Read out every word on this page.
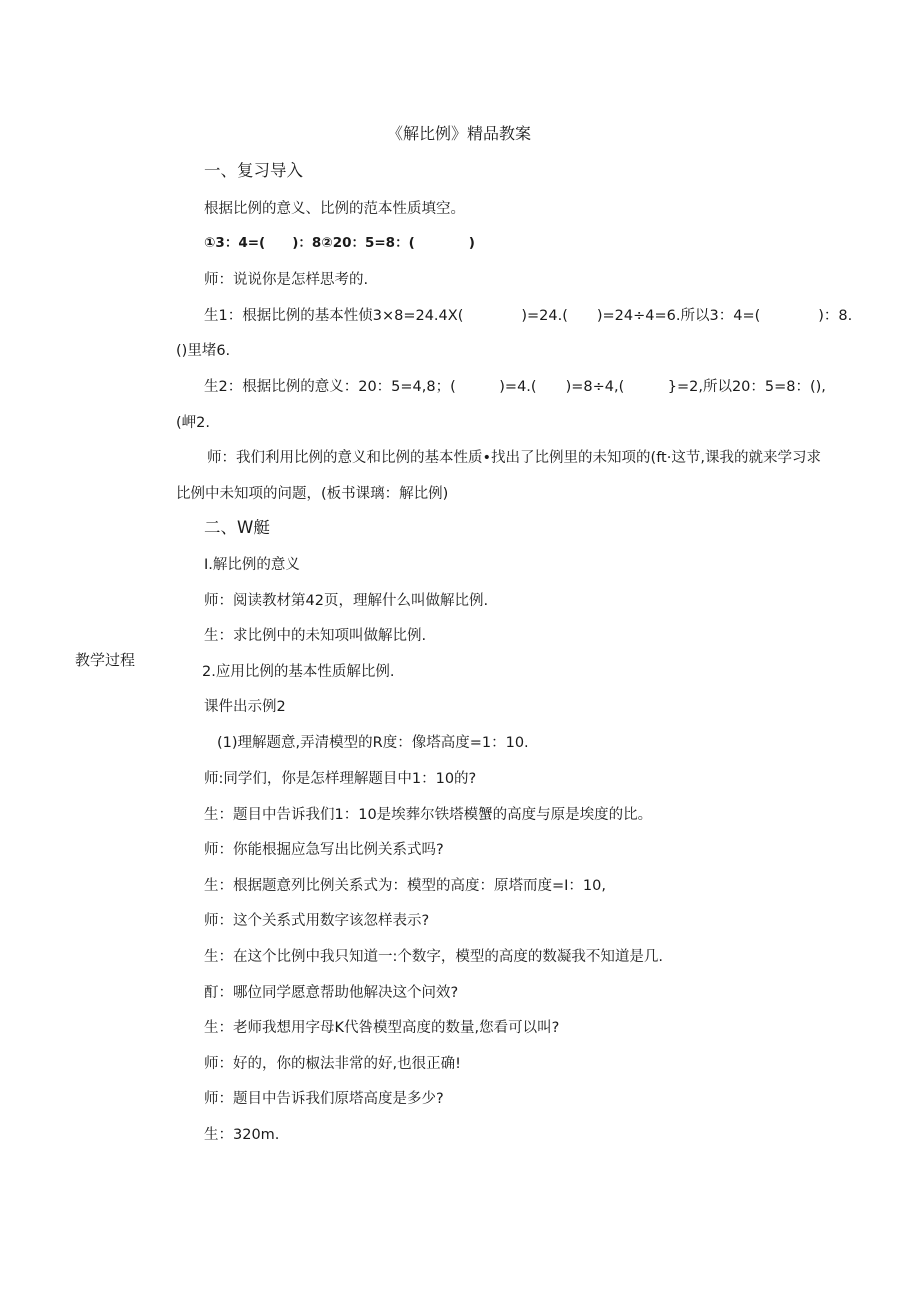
《解比例》精品教案
一、复习导入
根据比例的意义、比例的范本性质填空。
①3：4=(　　)：8②20：5=8：(　　　　)
师：说说你是怎样思考的.
生1：根据比例的基本性侦3×8=24.4X(　　　　)=24.(　　)=24÷4=6.所以3：4=(　　　　)：8.
()里堵6.
生2：根据比例的意义：20：5=4,8；(　　　)=4.(　　)=8÷4,(　　　}=2,所以20：5=8：(),
(岬2.
师：我们利用比例的意义和比例的基本性质•找出了比例里的未知项的(ft·这节,课我的就来学习求
比例中未知项的问题，(板书课璃：解比例)
二、W艇
I.解比例的意义
师：阅读教材第42页，理解什么叫做解比例.
生：求比例中的未知项叫做解比例.
教学过程
2.应用比例的基本性质解比例.
课件出示例2
(1)理解题意,弄清模型的R度：像塔高度=1：10.
师:同学们，你是怎样理解题目中1：10的?
生：题目中告诉我们1：10是埃葬尔铁塔模蟹的高度与原是埃度的比。
师：你能根掘应急写出比例关系式吗?
生：根据题意列比例关系式为：模型的高度：原塔而度=I：10,
师：这个关系式用数字该忽样表示?
生：在这个比例中我只知道一:个数字，模型的高度的数凝我不知道是几.
酊：哪位同学愿意帮助他解决这个问效?
生：老师我想用字母K代咎模型高度的数量,您看可以叫?
师：好的，你的椒法非常的好,也很正确!
师：题目中告诉我们原塔高度是多少?
生：320m.
